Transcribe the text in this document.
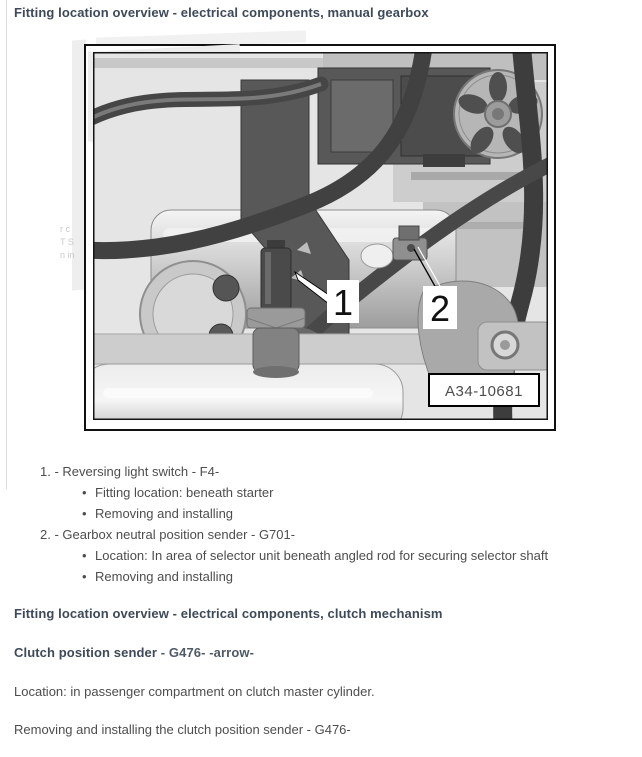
Fitting location overview - electrical components, manual gearbox
r c
T S
n in
1 2
A34-10681
1. - Reversing light switch - F4-
• Fitting location: beneath starter
• Removing and installing
2. - Gearbox neutral position sender - G701-
• Location: In area of selector unit beneath angled rod for securing selector shaft
• Removing and installing
Fitting location overview - electrical components, clutch mechanism
Clutch position sender - G476- -arrow-
Location: in passenger compartment on clutch master cylinder.
Removing and installing the clutch position sender - G476-
